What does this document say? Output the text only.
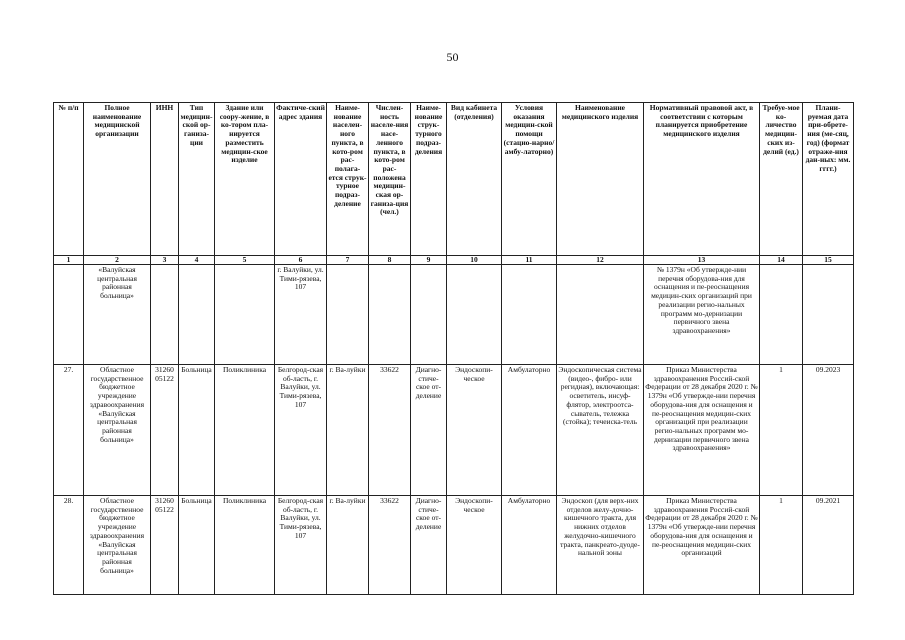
50
№ п/п	Полное наименование медицинской организации	ИНН	Тип медицин-ской ор-ганиза-ции	Здание или соору-жение, в ко-тором пла-нируется разместить медицин-ское изделие	Фактиче-ский адрес здания	Наиме-нование населен-ного пункта, в кото-ром рас-полага-ется струк-турное подраз-деление	Числен-ность населе-ния насе-ленного пункта, в кото-ром рас-положена медицин-ская ор-ганиза-ция (чел.)	Наиме-нование струк-турного подраз-деления	Вид кабинета (отделения)	Условия оказания медицин-ской помощи (стацио-нарно/амбу-латорно)	Наименование медицинского изделия	Нормативный правовой акт, в соответствии с которым планируется приобретение медицинского изделия	Требуе-мое ко-личество медицин-ских из-делий (ед.)	Плани-руемая дата при-обрете-ния (ме-сяц, год) (формат отраже-ния дан-ных: мм. гггг.)
1	2	3	4	5	6	7	8	9	10	11	12	13	14	15
	«Валуйская центральная районная больница»				г. Валуйки, ул. Тими-рязева, 107							№ 1379н «Об утвержде-нии перечня оборудова-ния для оснащения и пе-реоснащения медицин-ских организаций при реализации регио-нальных программ мо-дернизации первичного звена здравоохранения»		
27.	Областное государственное бюджетное учреждение здравоохранения «Валуйская центральная районная больница»	31260 05122	Больница	Поликлиника	Белгород-ская об-ласть, г. Валуйки, ул. Тими-рязева, 107	г. Ва-луйки	33622	Диагно-стиче-ское от-деление	Эндоскопи-ческое	Амбулаторно	Эндоскопическая система (видео-, фибро- или регидная), включающая: осветитель, инсуф-флятор, электроотса-сыватель, тележка (стойка); течеиска-тель	Приказ Министерства здравоохранения Россий-ской Федерации от 28 декабря 2020 г. № 1379н «Об утвержде-нии перечня оборудова-ния для оснащения и пе-реоснащения медицин-ских организаций при реализации регио-нальных программ мо-дернизации первичного звена здравоохранения»	1	09.2023
28.	Областное государственное бюджетное учреждение здравоохранения «Валуйская центральная районная больница»	31260 05122	Больница	Поликлиника	Белгород-ская об-ласть, г. Валуйки, ул. Тими-рязева, 107	г. Ва-луйки	33622	Диагно-стиче-ское от-деление	Эндоскопи-ческое	Амбулаторно	Эндоскоп (для верх-них отделов желу-дочно-кишечного тракта, для нижних отделов желудочно-кишечного тракта, панкреато-дуоде-нальной зоны	Приказ Министерства здравоохранения Россий-ской Федерации от 28 декабря 2020 г. № 1379н «Об утвержде-нии перечня оборудова-ния для оснащения и пе-реоснащения медицин-ских организаций	1	09.2021
